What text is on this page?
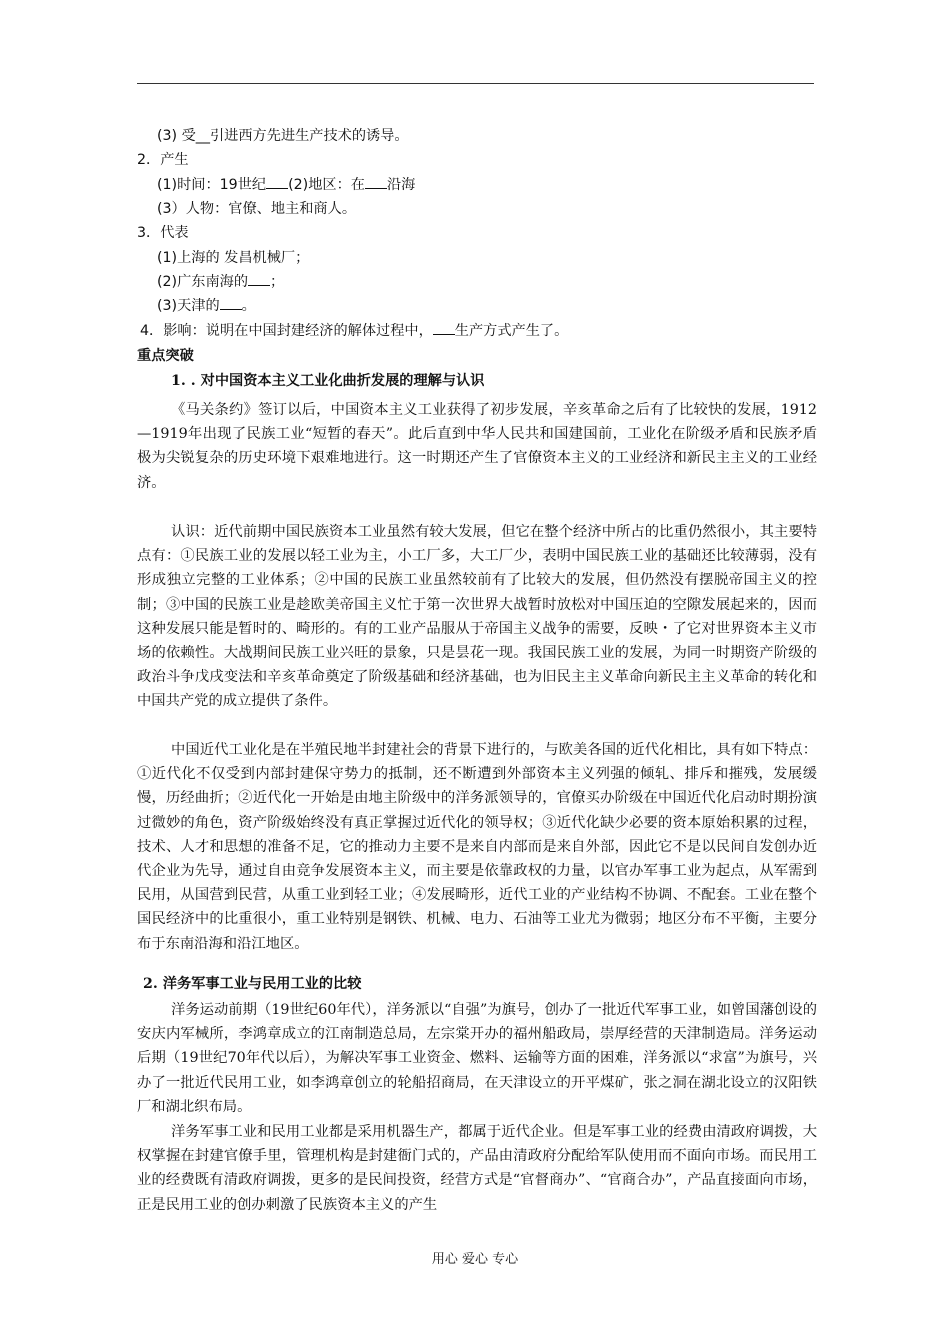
(3) 受__引进西方先进生产技术的诱导。
2．产生
(1)时间：19世纪 (2)地区：在 沿海
(3）人物：官僚、地主和商人。
3．代表
(1)上海的 发昌机械厂；
(2)广东南海的 ；
(3)天津的 。
4．影响：说明在中国封建经济的解体过程中， 生产方式产生了。
重点突破
1. . 对中国资本主义工业化曲折发展的理解与认识

《马关条约》签订以后，中国资本主义工业获得了初步发展，辛亥革命之后有了比较快的发展，1912—1919年出现了民族工业“短暂的春天”。此后直到中华人民共和国建国前，工业化在阶级矛盾和民族矛盾极为尖锐复杂的历史环境下艰难地进行。这一时期还产生了官僚资本主义的工业经济和新民主主义的工业经济。

认识：近代前期中国民族资本工业虽然有较大发展，但它在整个经济中所占的比重仍然很小，其主要特点有：①民族工业的发展以轻工业为主，小工厂多，大工厂少，表明中国民族工业的基础还比较薄弱，没有形成独立完整的工业体系；②中国的民族工业虽然较前有了比较大的发展，但仍然没有摆脱帝国主义的控制；③中国的民族工业是趁欧美帝国主义忙于第一次世界大战暂时放松对中国压迫的空隙发展起来的，因而这种发展只能是暂时的、畸形的。有的工业产品服从于帝国主义战争的需要，反映・了它对世界资本主义市场的依赖性。大战期间民族工业兴旺的景象，只是昙花一现。我国民族工业的发展，为同一时期资产阶级的政治斗争戊戌变法和辛亥革命奠定了阶级基础和经济基础，也为旧民主主义革命向新民主主义革命的转化和中国共产党的成立提供了条件。

中国近代工业化是在半殖民地半封建社会的背景下进行的，与欧美各国的近代化相比，具有如下特点：①近代化不仅受到内部封建保守势力的抵制，还不断遭到外部资本主义列强的倾轧、排斥和摧残，发展缓慢，历经曲折；②近代化一开始是由地主阶级中的洋务派领导的，官僚买办阶级在中国近代化启动时期扮演过微妙的角色，资产阶级始终没有真正掌握过近代化的领导权；③近代化缺少必要的资本原始积累的过程，技术、人才和思想的准备不足，它的推动力主要不是来自内部而是来自外部，因此它不是以民间自发创办近代企业为先导，通过自由竞争发展资本主义，而主要是依靠政权的力量，以官办军事工业为起点，从军需到民用，从国营到民营，从重工业到轻工业；④发展畸形，近代工业的产业结构不协调、不配套。工业在整个国民经济中的比重很小，重工业特别是钢铁、机械、电力、石油等工业尤为微弱；地区分布不平衡，主要分布于东南沿海和沿江地区。

2. 洋务军事工业与民用工业的比较

洋务运动前期（19世纪60年代），洋务派以“自强”为旗号，创办了一批近代军事工业，如曾国藩创设的安庆内军械所，李鸿章成立的江南制造总局，左宗棠开办的福州船政局，崇厚经营的天津制造局。洋务运动后期（19世纪70年代以后），为解决军事工业资金、燃料、运输等方面的困难，洋务派以“求富”为旗号，兴办了一批近代民用工业，如李鸿章创立的轮船招商局，在天津设立的开平煤矿，张之洞在湖北设立的汉阳铁厂和湖北织布局。

洋务军事工业和民用工业都是采用机器生产，都属于近代企业。但是军事工业的经费由清政府调拨，大权掌握在封建官僚手里，管理机构是封建衙门式的，产品由清政府分配给军队使用而不面向市场。而民用工业的经费既有清政府调拨，更多的是民间投资，经营方式是“官督商办”、“官商合办”，产品直接面向市场，正是民用工业的创办刺激了民族资本主义的产生

用心 爱心 专心
